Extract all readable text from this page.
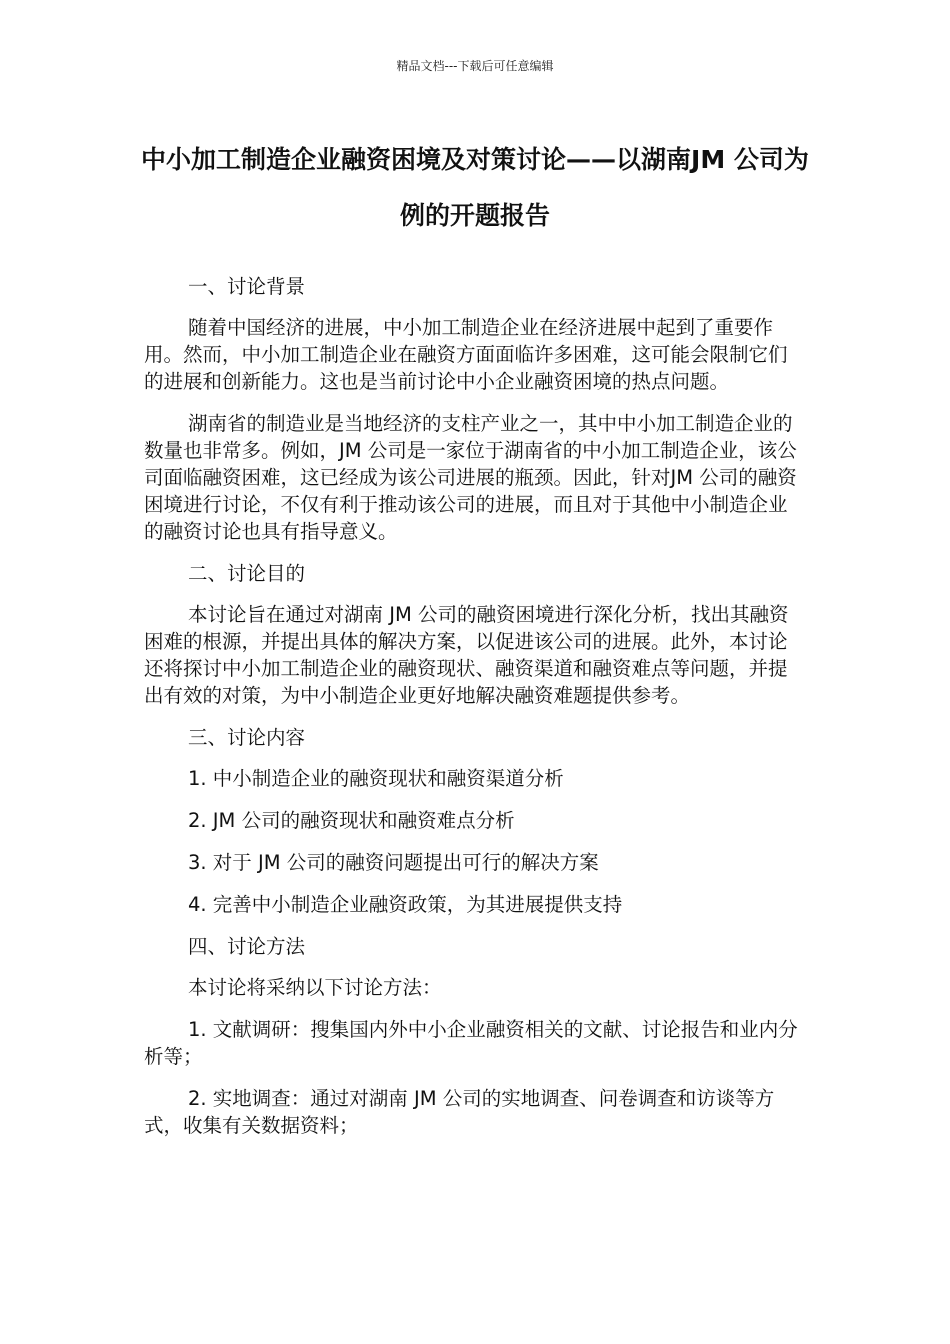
精品文档---下载后可任意编辑
中小加工制造企业融资困境及对策讨论——以湖南JM 公司为例的开题报告

一、讨论背景

随着中国经济的进展，中小加工制造企业在经济进展中起到了重要作用。然而，中小加工制造企业在融资方面面临许多困难，这可能会限制它们的进展和创新能力。这也是当前讨论中小企业融资困境的热点问题。

湖南省的制造业是当地经济的支柱产业之一，其中中小加工制造企业的数量也非常多。例如，JM 公司是一家位于湖南省的中小加工制造企业，该公司面临融资困难，这已经成为该公司进展的瓶颈。因此，针对JM 公司的融资困境进行讨论，不仅有利于推动该公司的进展，而且对于其他中小制造企业的融资讨论也具有指导意义。

二、讨论目的

本讨论旨在通过对湖南 JM 公司的融资困境进行深化分析，找出其融资困难的根源，并提出具体的解决方案，以促进该公司的进展。此外，本讨论还将探讨中小加工制造企业的融资现状、融资渠道和融资难点等问题，并提出有效的对策，为中小制造企业更好地解决融资难题提供参考。

三、讨论内容

1. 中小制造企业的融资现状和融资渠道分析

2. JM 公司的融资现状和融资难点分析

3. 对于 JM 公司的融资问题提出可行的解决方案

4. 完善中小制造企业融资政策，为其进展提供支持

四、讨论方法

本讨论将采纳以下讨论方法：

1. 文献调研：搜集国内外中小企业融资相关的文献、讨论报告和业内分析等；

2. 实地调查：通过对湖南 JM 公司的实地调查、问卷调查和访谈等方式，收集有关数据资料；
